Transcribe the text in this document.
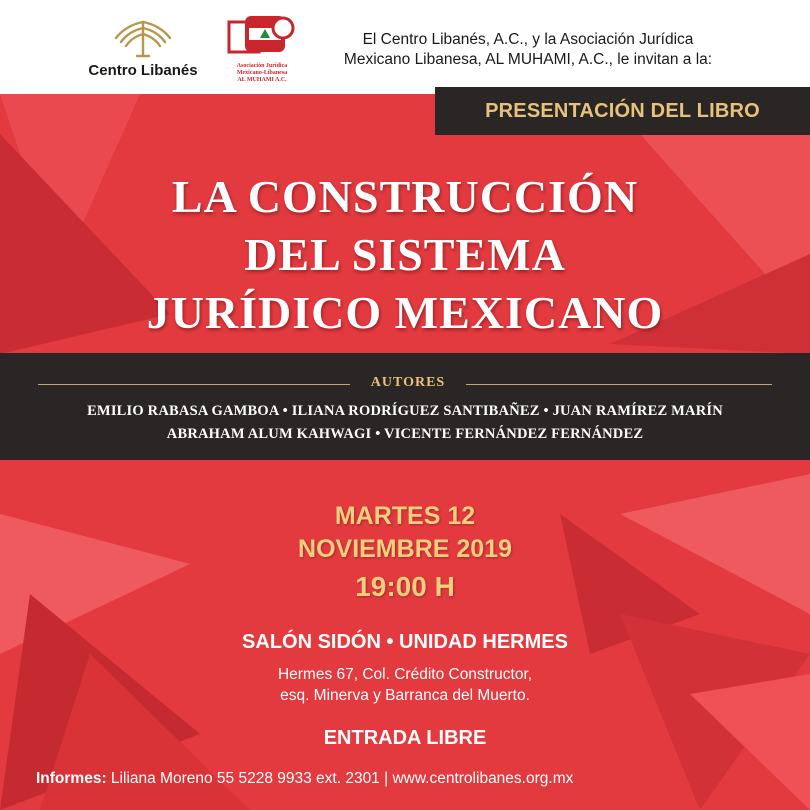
Centro Libanés	Asociación Jurídica
Mexicano-Libanesa
AL MUHAMI A.C.
El Centro Libanés, A.C., y la Asociación Jurídica
Mexicano Libanesa, AL MUHAMI, A.C., le invitan a la:
PRESENTACIÓN DEL LIBRO
LA CONSTRUCCIÓN
DEL SISTEMA
JURÍDICO MEXICANO
AUTORES
EMILIO RABASA GAMBOA • ILIANA RODRÍGUEZ SANTIBAÑEZ • JUAN RAMÍREZ MARÍN
ABRAHAM ALUM KAHWAGI • VICENTE FERNÁNDEZ FERNÁNDEZ
MARTES 12
NOVIEMBRE 2019
19:00 H
SALÓN SIDÓN • UNIDAD HERMES
Hermes 67, Col. Crédito Constructor,
esq. Minerva y Barranca del Muerto.
ENTRADA LIBRE
Informes: Liliana Moreno 55 5228 9933 ext. 2301 | www.centrolibanes.org.mx
